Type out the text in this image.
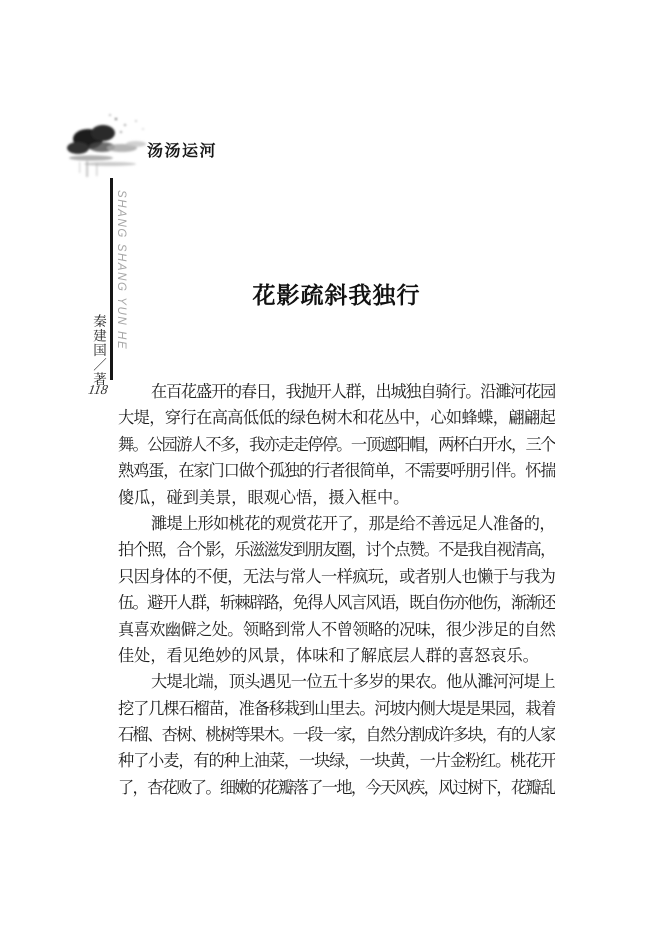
汤汤运河
SHANG SHANG YUN HE
秦建国／著
118
花影疏斜我独行
在百花盛开的春日，我抛开人群，出城独自骑行。沿濉河花园
大堤，穿行在高高低低的绿色树木和花丛中，心如蜂蝶，翩翩起
舞。公园游人不多，我亦走走停停。一顶遮阳帽，两杯白开水，三个
熟鸡蛋，在家门口做个孤独的行者很简单，不需要呼朋引伴。怀揣
傻瓜，碰到美景，眼观心悟，摄入框中。
濉堤上形如桃花的观赏花开了，那是给不善远足人准备的，
拍个照，合个影，乐滋滋发到朋友圈，讨个点赞。不是我自视清高，
只因身体的不便，无法与常人一样疯玩，或者别人也懒于与我为
伍。避开人群，斩棘辟路，免得人风言风语，既自伤亦他伤，渐渐还
真喜欢幽僻之处。领略到常人不曾领略的况味，很少涉足的自然
佳处，看见绝妙的风景，体味和了解底层人群的喜怒哀乐。
大堤北端，顶头遇见一位五十多岁的果农。他从濉河河堤上
挖了几棵石榴苗，准备移栽到山里去。河坡内侧大堤是果园，栽着
石榴、杏树、桃树等果木。一段一家，自然分割成许多块，有的人家
种了小麦，有的种上油菜，一块绿，一块黄，一片金粉红。桃花开
了，杏花败了。细嫩的花瓣落了一地，今天风疾，风过树下，花瓣乱
